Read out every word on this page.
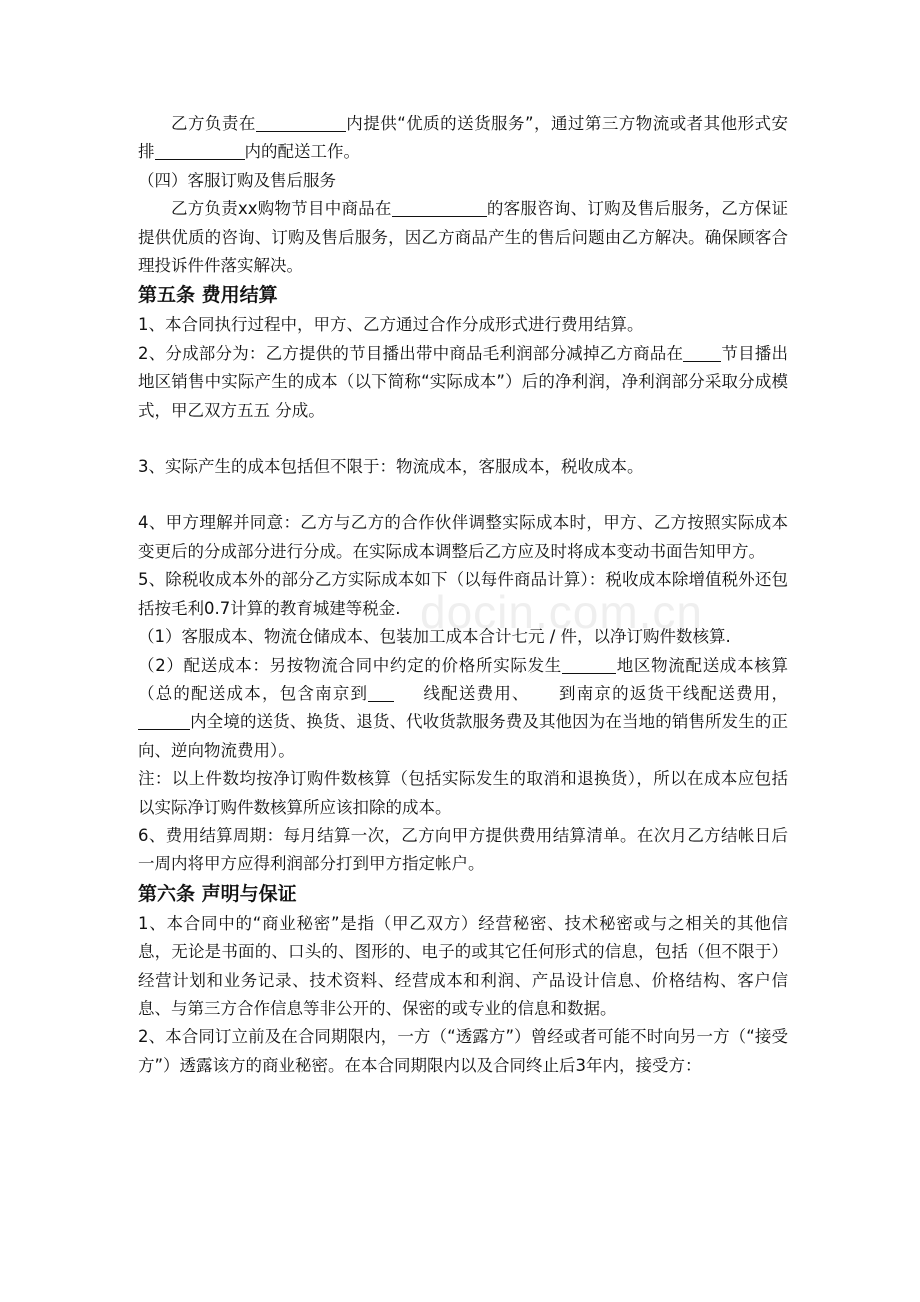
docin.com.cn

乙方负责在	内提供“优质的送货服务”，通过第三方物流或者其他形式安排	内的配送工作。

（四）客服订购及售后服务

乙方负责xx购物节目中商品在	的客服咨询、订购及售后服务，乙方保证提供优质的咨询、订购及售后服务，因乙方商品产生的售后问题由乙方解决。确保顾客合理投诉件件落实解决。

第五条 费用结算

1、本合同执行过程中，甲方、乙方通过合作分成形式进行费用结算。

2、分成部分为：乙方提供的节目播出带中商品毛利润部分减掉乙方商品在 节目播出地区销售中实际产生的成本（以下简称“实际成本”）后的净利润，净利润部分采取分成模式，甲乙双方五五 分成。

3、实际产生的成本包括但不限于：物流成本，客服成本，税收成本。

4、甲方理解并同意：乙方与乙方的合作伙伴调整实际成本时，甲方、乙方按照实际成本变更后的分成部分进行分成。在实际成本调整后乙方应及时将成本变动书面告知甲方。

5、除税收成本外的部分乙方实际成本如下（以每件商品计算）：税收成本除增值税外还包括按毛利0.7计算的教育城建等税金.

（1）客服成本、物流仓储成本、包装加工成本合计七元 / 件，以净订购件数核算.

（2）配送成本：另按物流合同中约定的价格所实际发生	地区物流配送成本核算（总的配送成本，包含南京到	线配送费用、 到南京的返货干线配送费用，内全境的送货、换货、退货、代收货款服务费及其他因为在当地的销售所发生的正向、逆向物流费用）。

注：以上件数均按净订购件数核算（包括实际发生的取消和退换货），所以在成本应包括以实际净订购件数核算所应该扣除的成本。

6、费用结算周期：每月结算一次，乙方向甲方提供费用结算清单。在次月乙方结帐日后一周内将甲方应得利润部分打到甲方指定帐户。

第六条 声明与保证

1、本合同中的“商业秘密”是指（甲乙双方）经营秘密、技术秘密或与之相关的其他信息，无论是书面的、口头的、图形的、电子的或其它任何形式的信息，包括（但不限于）经营计划和业务记录、技术资料、经营成本和利润、产品设计信息、价格结构、客户信息、与第三方合作信息等非公开的、保密的或专业的信息和数据。

2、本合同订立前及在合同期限内，一方（“透露方”）曾经或者可能不时向另一方（“接受方”）透露该方的商业秘密。在本合同期限内以及合同终止后3年内，接受方：
